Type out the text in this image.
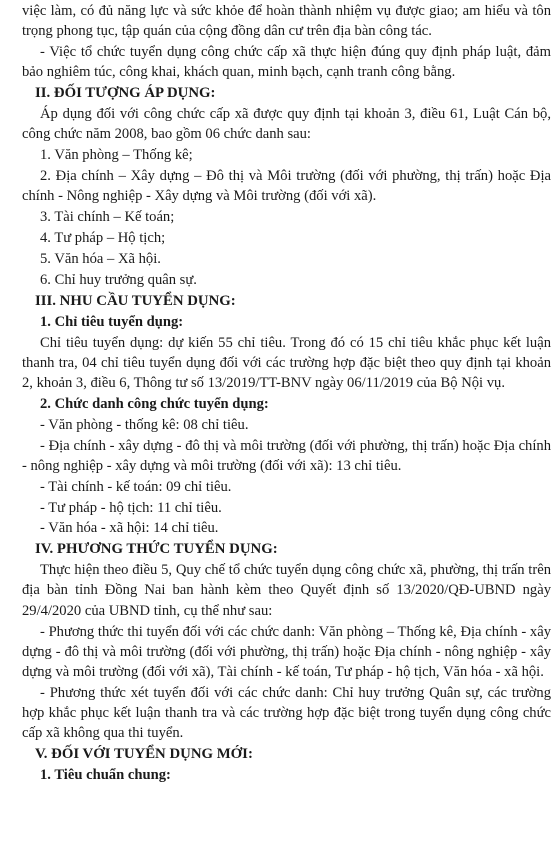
việc làm, có đủ năng lực và sức khỏe để hoàn thành nhiệm vụ được giao; am hiểu và tôn trọng phong tục, tập quán của cộng đồng dân cư trên địa bàn công tác.

- Việc tổ chức tuyển dụng công chức cấp xã thực hiện đúng quy định pháp luật, đảm bảo nghiêm túc, công khai, khách quan, minh bạch, cạnh tranh công bằng.

II. ĐỐI TƯỢNG ÁP DỤNG:

Áp dụng đối với công chức cấp xã được quy định tại khoản 3, điều 61, Luật Cán bộ, công chức năm 2008, bao gồm 06 chức danh sau:

1. Văn phòng – Thống kê;

2. Địa chính – Xây dựng – Đô thị và Môi trường (đối với phường, thị trấn) hoặc Địa chính - Nông nghiệp - Xây dựng và Môi trường (đối với xã).

3. Tài chính – Kế toán;

4. Tư pháp – Hộ tịch;

5. Văn hóa – Xã hội.

6. Chỉ huy trưởng quân sự.

III. NHU CẦU TUYỂN DỤNG:

1. Chỉ tiêu tuyển dụng:

Chỉ tiêu tuyển dụng: dự kiến 55 chỉ tiêu. Trong đó có 15 chỉ tiêu khắc phục kết luận thanh tra, 04 chỉ tiêu tuyển dụng đối với các trường hợp đặc biệt theo quy định tại khoản 2, khoản 3, điều 6, Thông tư số 13/2019/TT-BNV ngày 06/11/2019 của Bộ Nội vụ.

2. Chức danh công chức tuyển dụng:

- Văn phòng - thống kê: 08 chỉ tiêu.

- Địa chính - xây dựng - đô thị và môi trường (đối với phường, thị trấn) hoặc Địa chính - nông nghiệp - xây dựng và môi trường (đối với xã): 13 chỉ tiêu.

- Tài chính - kế toán: 09 chỉ tiêu.

- Tư pháp - hộ tịch: 11 chỉ tiêu.

- Văn hóa - xã hội: 14 chỉ tiêu.

IV. PHƯƠNG THỨC TUYỂN DỤNG:

Thực hiện theo điều 5, Quy chế tổ chức tuyển dụng công chức xã, phường, thị trấn trên địa bàn tỉnh Đồng Nai ban hành kèm theo Quyết định số 13/2020/QĐ-UBND ngày 29/4/2020 của UBND tỉnh, cụ thể như sau:

- Phương thức thi tuyển đối với các chức danh: Văn phòng – Thống kê, Địa chính - xây dựng - đô thị và môi trường (đối với phường, thị trấn) hoặc Địa chính - nông nghiệp - xây dựng và môi trường (đối với xã), Tài chính - kế toán, Tư pháp - hộ tịch, Văn hóa - xã hội.

- Phương thức xét tuyển đối với các chức danh: Chỉ huy trưởng Quân sự, các trường hợp khắc phục kết luận thanh tra và các trường hợp đặc biệt trong tuyển dụng công chức cấp xã không qua thi tuyển.

V. ĐỐI VỚI TUYỂN DỤNG MỚI:

1. Tiêu chuẩn chung:
